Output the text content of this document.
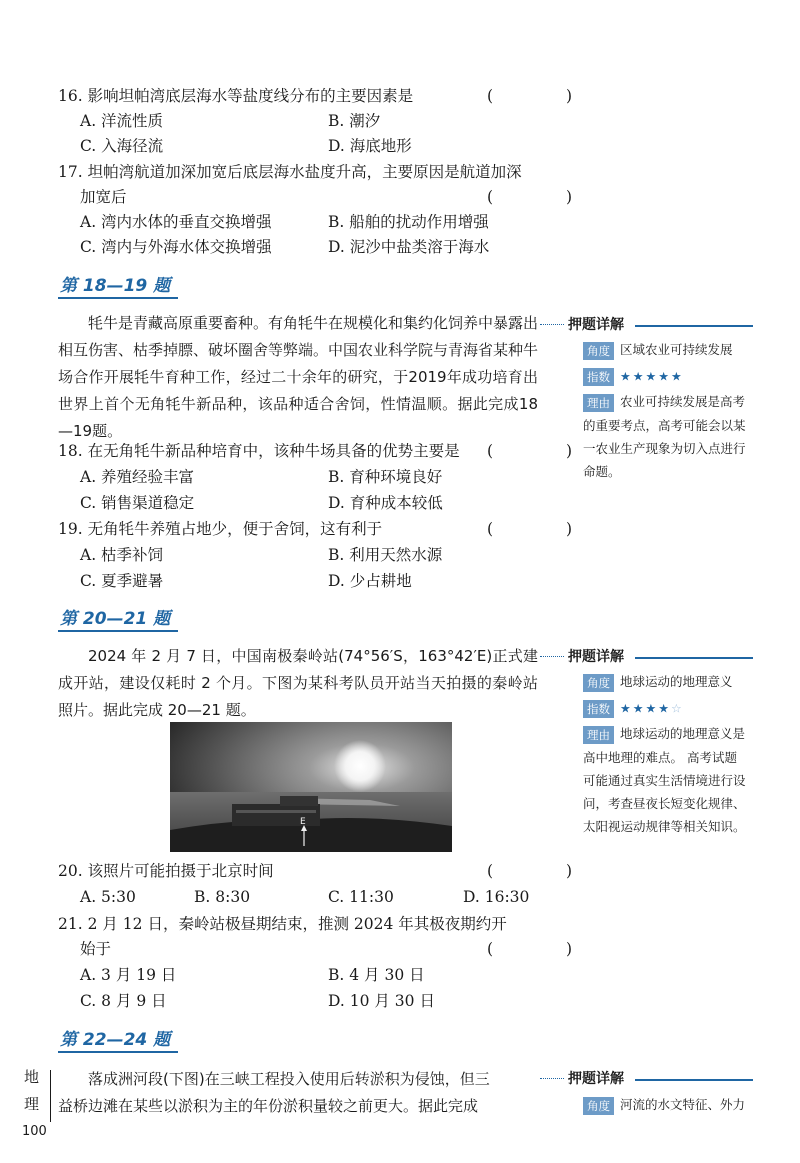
16. 影响坦帕湾底层海水等盐度线分布的主要因素是	( )
A. 洋流性质	B. 潮汐
C. 入海径流	D. 海底地形
17. 坦帕湾航道加深加宽后底层海水盐度升高，主要原因是航道加深
加宽后	( )
A. 湾内水体的垂直交换增强	B. 船舶的扰动作用增强
C. 湾内与外海水体交换增强	D. 泥沙中盐类溶于海水
第 18—19 题
牦牛是青藏高原重要畜种。有角牦牛在规模化和集约化饲养中暴露出相互伤害、枯季掉膘、破坏圈舍等弊端。中国农业科学院与青海省某种牛场合作开展牦牛育种工作，经过二十余年的研究，于2019年成功培育出世界上首个无角牦牛新品种，该品种适合舍饲，性情温顺。据此完成18—19题。
押题详解
角度 区域农业可持续发展
指数 ★★★★★
理由 农业可持续发展是高考
的重要考点，高考可能会以某
一农业生产现象为切入点进行
命题。
18. 在无角牦牛新品种培育中，该种牛场具备的优势主要是 ( )
A. 养殖经验丰富	B. 育种环境良好
C. 销售渠道稳定	D. 育种成本较低
19. 无角牦牛养殖占地少，便于舍饲，这有利于	( )
A. 枯季补饲	B. 利用天然水源
C. 夏季避暑	D. 少占耕地
第 20—21 题
2024 年 2 月 7 日，中国南极秦岭站(74°56′S，163°42′E)正式建成开站，建设仅耗时 2 个月。下图为某科考队员开站当天拍摄的秦岭站照片。据此完成 20—21 题。
押题详解
角度 地球运动的地理意义
指数 ★★★★☆
理由 地球运动的地理意义是
高中地理的难点。 高考试题
可能通过真实生活情境进行设
问，考查昼夜长短变化规律、
太阳视运动规律等相关知识。
E
20. 该照片可能拍摄于北京时间	( )
A. 5:30	B. 8:30	C. 11:30	D. 16:30
21. 2 月 12 日，秦岭站极昼期结束，推测 2024 年其极夜期约开
始于	( )
A. 3 月 19 日	B. 4 月 30 日
C. 8 月 9 日	D. 10 月 30 日
第 22—24 题
落成洲河段(下图)在三峡工程投入使用后转淤积为侵蚀，但三
益桥边滩在某些以淤积为主的年份淤积量较之前更大。据此完成
押题详解
角度 河流的水文特征、外力
地
理
100
